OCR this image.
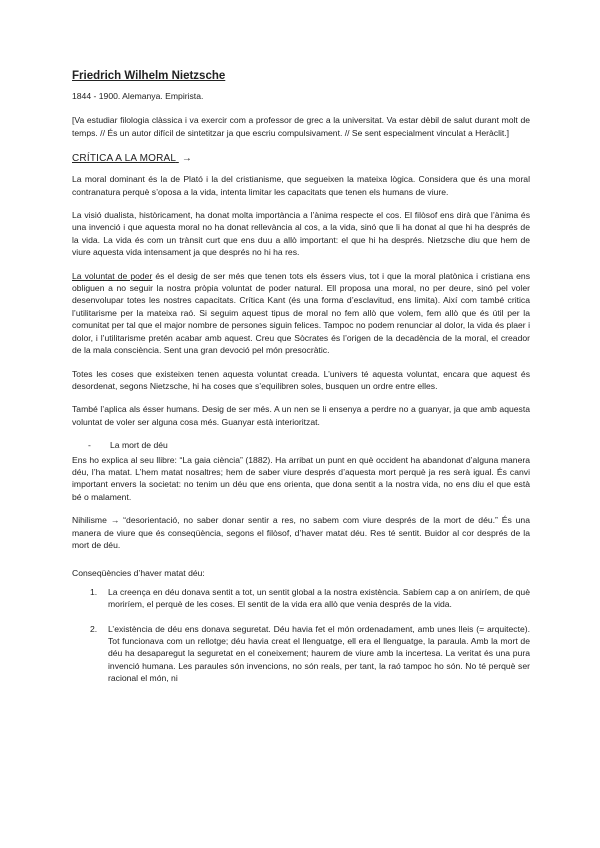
Friedrich Wilhelm Nietzsche
1844 - 1900. Alemanya. Empirista.
[Va estudiar filologia clàssica i va exercir com a professor de grec a la universitat. Va estar dèbil de salut durant molt de temps. // És un autor difícil de sintetitzar ja que escriu compulsivament. // Se sent especialment vinculat a Heràclit.]
CRÍTICA A LA MORAL →
La moral dominant és la de Plató i la del cristianisme, que segueixen la mateixa lògica. Considera que és una moral contranatura perquè s’oposa a la vida, intenta limitar les capacitats que tenen els humans de viure.
La visió dualista, històricament, ha donat molta importància a l’ànima respecte el cos. El filòsof ens dirà que l’ànima és una invenció i que aquesta moral no ha donat rellevància al cos, a la vida, sinó que li ha donat al que hi ha després de la vida. La vida és com un trànsit curt que ens duu a allò important: el que hi ha després. Nietzsche diu que hem de viure aquesta vida intensament ja que després no hi ha res.
La voluntat de poder és el desig de ser més que tenen tots els éssers vius, tot i que la moral platònica i cristiana ens obliguen a no seguir la nostra pròpia voluntat de poder natural. Ell proposa una moral, no per deure, sinó pel voler desenvolupar totes les nostres capacitats. Crítica Kant (és una forma d’esclavitud, ens limita). Així com també critica l’utilitarisme per la mateixa raó. Si seguim aquest tipus de moral no fem allò que volem, fem allò que és útil per la comunitat per tal que el major nombre de persones siguin felices. Tampoc no podem renunciar al dolor, la vida és plaer i dolor, i l’utilitarisme pretén acabar amb aquest. Creu que Sòcrates és l’origen de la decadència de la moral, el creador de la mala consciència. Sent una gran devoció pel món presocràtic.
Totes les coses que existeixen tenen aquesta voluntat creada. L’univers té aquesta voluntat, encara que aquest és desordenat, segons Nietzsche, hi ha coses que s’equilibren soles, busquen un ordre entre elles.
També l’aplica als ésser humans. Desig de ser més. A un nen se li ensenya a perdre no a guanyar, ja que amb aquesta voluntat de voler ser alguna cosa més. Guanyar està interioritzat.
-	La mort de déu
Ens ho explica al seu llibre: “La gaia ciència” (1882). Ha arribat un punt en què occident ha abandonat d’alguna manera déu, l’ha matat. L’hem matat nosaltres; hem de saber viure després d’aquesta mort perquè ja res serà igual. És canvi important envers la societat: no tenim un déu que ens orienta, que dona sentit a la nostra vida, no ens diu el que està bé o malament.
Nihilisme → “desorientació, no saber donar sentir a res, no sabem com viure després de la mort de déu.” És una manera de viure que és conseqüència, segons el filòsof, d’haver matat déu. Res té sentit. Buidor al cor després de la mort de déu.
Conseqüències d’haver matat déu:
1.	La creença en déu donava sentit a tot, un sentit global a la nostra existència. Sabíem cap a on aniríem, de què moriríem, el perquè de les coses. El sentit de la vida era allò que venia després de la vida.
2.	L’existència de déu ens donava seguretat. Déu havia fet el món ordenadament, amb unes lleis (= arquitecte). Tot funcionava com un rellotge; déu havia creat el llenguatge, ell era el llenguatge, la paraula. Amb la mort de déu ha desaparegut la seguretat en el coneixement; haurem de viure amb la incertesa. La veritat és una pura invenció humana. Les paraules són invencions, no són reals, per tant, la raó tampoc ho són. No té perquè ser racional el món, ni
